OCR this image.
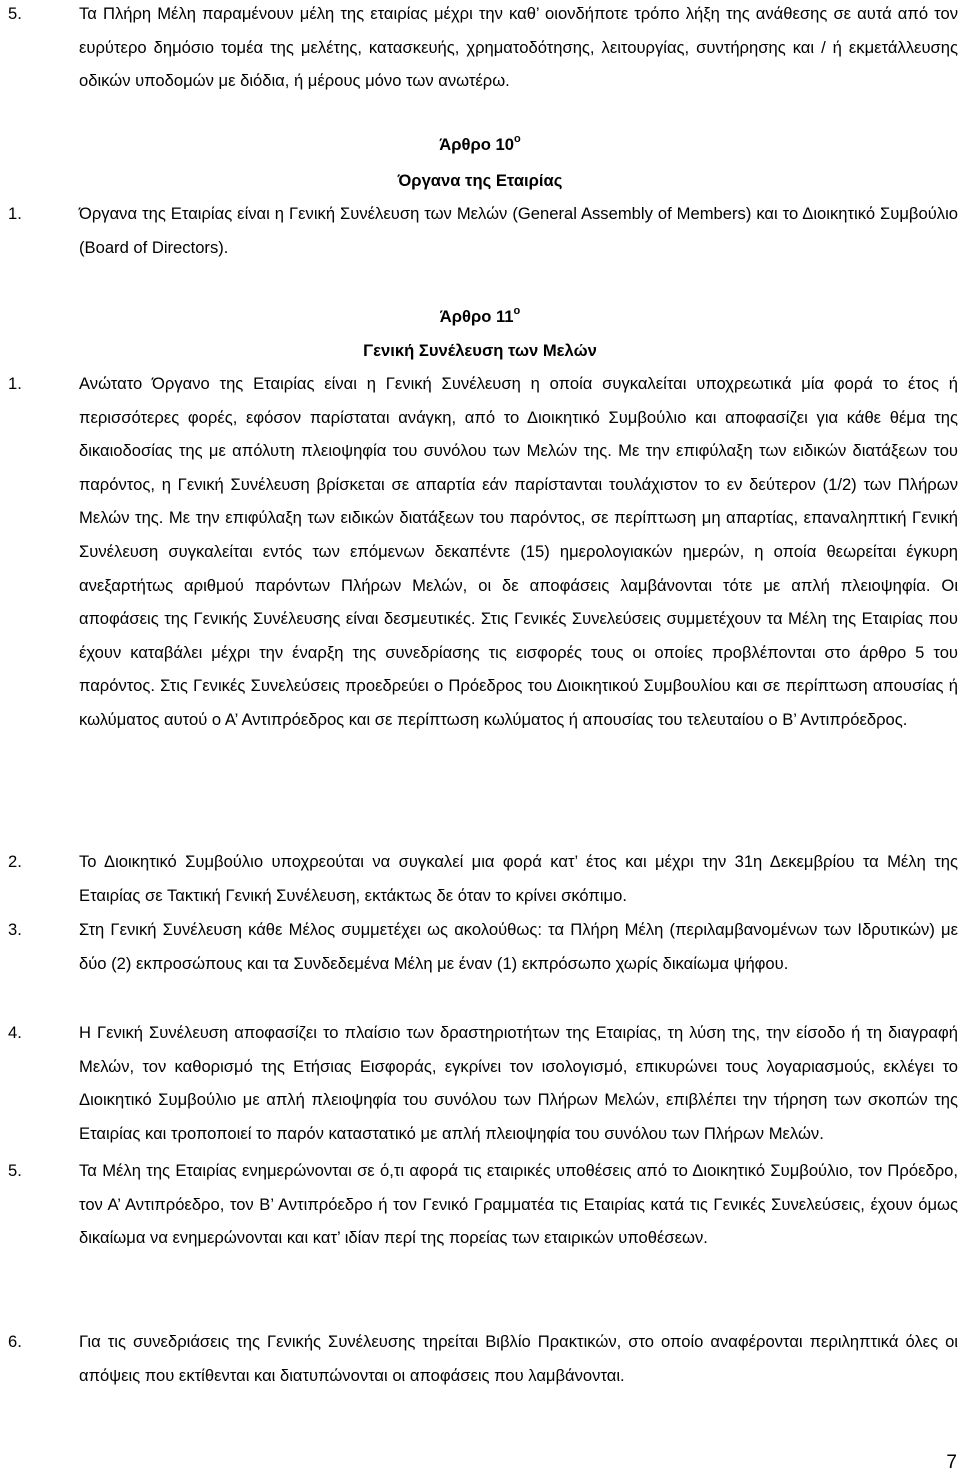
5.	Τα Πλήρη Μέλη παραμένουν μέλη της εταιρίας μέχρι την καθ’ οιονδήποτε τρόπο λήξη της ανάθεσης σε αυτά από τον ευρύτερο δημόσιο τομέα της μελέτης, κατασκευής, χρηματοδότησης, λειτουργίας, συντήρησης και / ή εκμετάλλευσης οδικών υποδομών με διόδια, ή μέρους μόνο των ανωτέρω.
Άρθρο $10^o$
Όργανα της Εταιρίας
1.	Όργανα της Εταιρίας είναι η Γενική Συνέλευση των Μελών (General Assembly of Members) και το Διοικητικό Συμβούλιο (Board of Directors).
Άρθρο $11^o$
Γενική Συνέλευση των Μελών
1.	Ανώτατο Όργανο της Εταιρίας είναι η Γενική Συνέλευση η οποία συγκαλείται υποχρεωτικά μία φορά το έτος ή περισσότερες φορές, εφόσον παρίσταται ανάγκη, από το Διοικητικό Συμβούλιο και αποφασίζει για κάθε θέμα της δικαιοδοσίας της με απόλυτη πλειοψηφία του συνόλου των Μελών της. Με την επιφύλαξη των ειδικών διατάξεων του παρόντος, η Γενική Συνέλευση βρίσκεται σε απαρτία εάν παρίστανται τουλάχιστον το εν δεύτερον (1/2) των Πλήρων Μελών της. Με την επιφύλαξη των ειδικών διατάξεων του παρόντος, σε περίπτωση μη απαρτίας, επαναληπτική Γενική Συνέλευση συγκαλείται εντός των επόμενων δεκαπέντε (15) ημερολογιακών ημερών, η οποία θεωρείται έγκυρη ανεξαρτήτως αριθμού παρόντων Πλήρων Μελών, οι δε αποφάσεις λαμβάνονται τότε με απλή πλειοψηφία. Οι αποφάσεις της Γενικής Συνέλευσης είναι δεσμευτικές. Στις Γενικές Συνελεύσεις συμμετέχουν τα Μέλη της Εταιρίας που έχουν καταβάλει μέχρι την έναρξη της συνεδρίασης τις εισφορές τους οι οποίες προβλέπονται στο άρθρο 5 του παρόντος. Στις Γενικές Συνελεύσεις προεδρεύει ο Πρόεδρος του Διοικητικού Συμβουλίου και σε περίπτωση απουσίας ή κωλύματος αυτού ο Α’ Αντιπρόεδρος και σε περίπτωση κωλύματος ή απουσίας του τελευταίου ο Β’ Αντιπρόεδρος.
2.	Το Διοικητικό Συμβούλιο υποχρεούται να συγκαλεί μια φορά κατ’ έτος και μέχρι την 31η Δεκεμβρίου τα Μέλη της Εταιρίας σε Τακτική Γενική Συνέλευση, εκτάκτως δε όταν το κρίνει σκόπιμο.
3.	Στη Γενική Συνέλευση κάθε Μέλος συμμετέχει ως ακολούθως: τα Πλήρη Μέλη (περιλαμβανομένων των Ιδρυτικών) με δύο (2) εκπροσώπους και τα Συνδεδεμένα Μέλη με έναν (1) εκπρόσωπο χωρίς δικαίωμα ψήφου.
4.	Η Γενική Συνέλευση αποφασίζει το πλαίσιο των δραστηριοτήτων της Εταιρίας, τη λύση της, την είσοδο ή τη διαγραφή Μελών, τον καθορισμό της Ετήσιας Εισφοράς, εγκρίνει τον ισολογισμό, επικυρώνει τους λογαριασμούς, εκλέγει το Διοικητικό Συμβούλιο με απλή πλειοψηφία του συνόλου των Πλήρων Μελών, επιβλέπει την τήρηση των σκοπών της Εταιρίας και τροποποιεί το παρόν καταστατικό με απλή πλειοψηφία του συνόλου των Πλήρων Μελών.
5.	Τα Μέλη της Εταιρίας ενημερώνονται σε ό,τι αφορά τις εταιρικές υποθέσεις από το Διοικητικό Συμβούλιο, τον Πρόεδρο, τον Α’ Αντιπρόεδρο, τον Β’ Αντιπρόεδρο ή τον Γενικό Γραμματέα τις Εταιρίας κατά τις Γενικές Συνελεύσεις, έχουν όμως δικαίωμα να ενημερώνονται και κατ’ ιδίαν περί της πορείας των εταιρικών υποθέσεων.
6.	Για τις συνεδριάσεις της Γενικής Συνέλευσης τηρείται Βιβλίο Πρακτικών, στο οποίο αναφέρονται περιληπτικά όλες οι απόψεις που εκτίθενται και διατυπώνονται οι αποφάσεις που λαμβάνονται.
7
